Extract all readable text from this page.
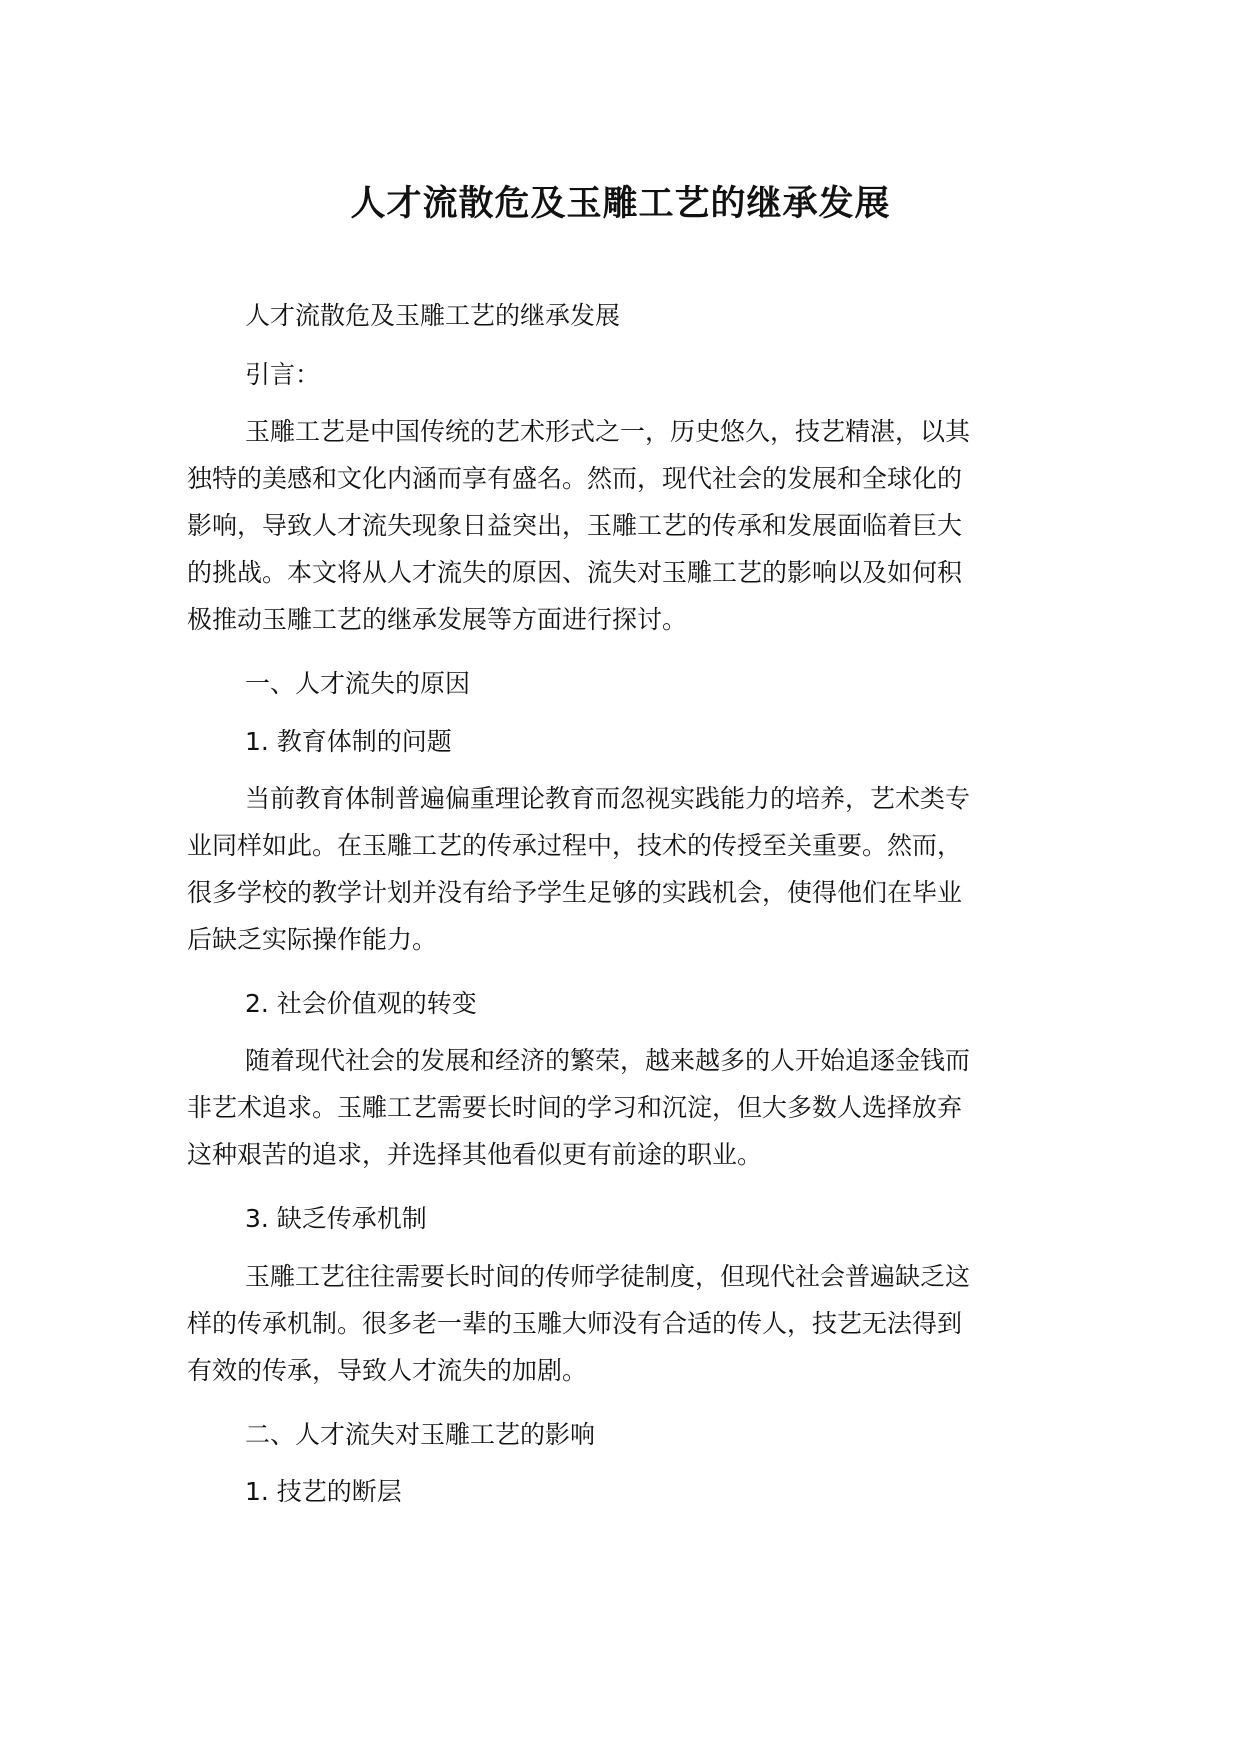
人才流散危及玉雕工艺的继承发展

人才流散危及玉雕工艺的继承发展

引言：

玉雕工艺是中国传统的艺术形式之一，历史悠久，技艺精湛，以其

独特的美感和文化内涵而享有盛名。然而，现代社会的发展和全球化的

影响，导致人才流失现象日益突出，玉雕工艺的传承和发展面临着巨大

的挑战。本文将从人才流失的原因、流失对玉雕工艺的影响以及如何积

极推动玉雕工艺的继承发展等方面进行探讨。

一、人才流失的原因

1. 教育体制的问题

当前教育体制普遍偏重理论教育而忽视实践能力的培养，艺术类专

业同样如此。在玉雕工艺的传承过程中，技术的传授至关重要。然而，

很多学校的教学计划并没有给予学生足够的实践机会，使得他们在毕业

后缺乏实际操作能力。

2. 社会价值观的转变

随着现代社会的发展和经济的繁荣，越来越多的人开始追逐金钱而

非艺术追求。玉雕工艺需要长时间的学习和沉淀，但大多数人选择放弃

这种艰苦的追求，并选择其他看似更有前途的职业。

3. 缺乏传承机制

玉雕工艺往往需要长时间的传师学徒制度，但现代社会普遍缺乏这

样的传承机制。很多老一辈的玉雕大师没有合适的传人，技艺无法得到

有效的传承，导致人才流失的加剧。

二、人才流失对玉雕工艺的影响

1. 技艺的断层
